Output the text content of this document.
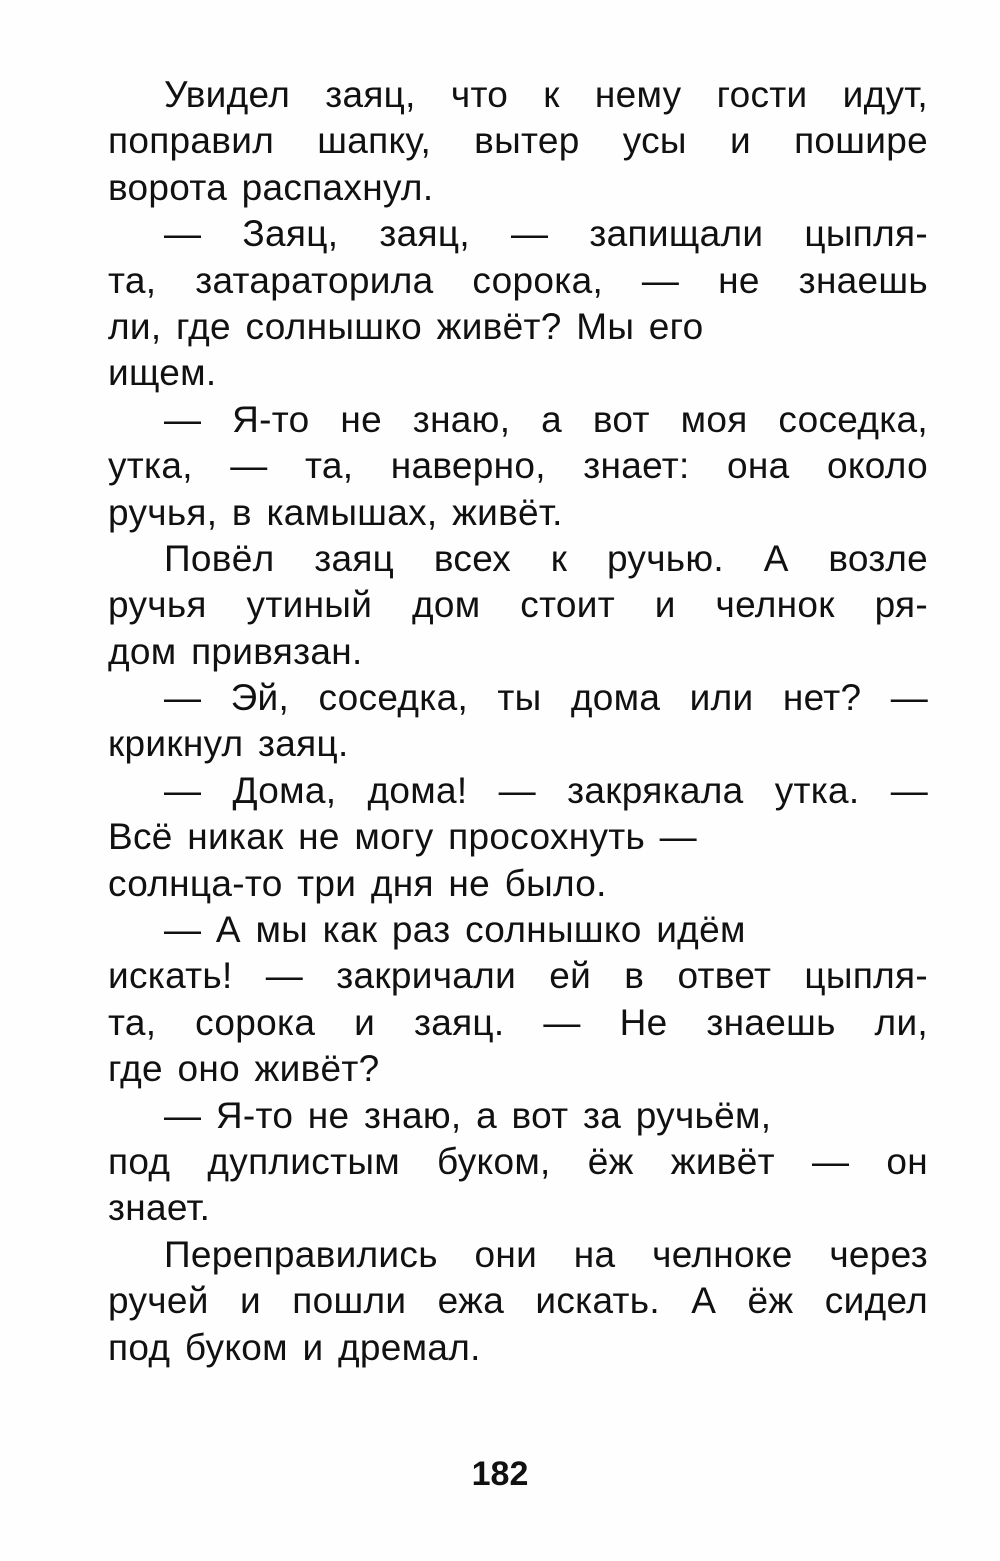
Увидел заяц, что к нему гости идут,
поправил шапку, вытер усы и пошире
ворота распахнул.
— Заяц, заяц, — запищали цыпля-
та, затараторила сорока, — не знаешь
ли, где солнышко живёт? Мы его
ищем.
— Я-то не знаю, а вот моя соседка,
утка, — та, наверно, знает: она около
ручья, в камышах, живёт.
Повёл заяц всех к ручью. А возле
ручья утиный дом стоит и челнок ря-
дом привязан.
— Эй, соседка, ты дома или нет? —
крикнул заяц.
— Дома, дома! — закрякала утка. —
Всё никак не могу просохнуть —
солнца-то три дня не было.
— А мы как раз солнышко идём
искать! — закричали ей в ответ цыпля-
та, сорока и заяц. — Не знаешь ли,
где оно живёт?
— Я-то не знаю, а вот за ручьём,
под дуплистым буком, ёж живёт — он
знает.
Переправились они на челноке через
ручей и пошли ежа искать. А ёж сидел
под буком и дремал.
182
